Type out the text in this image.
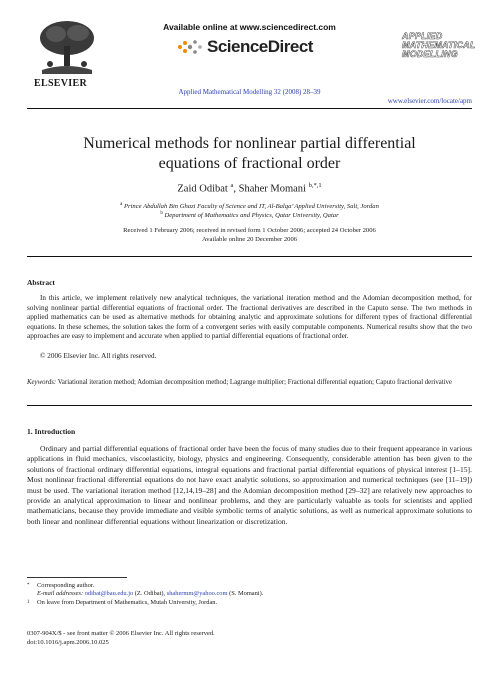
ELSEVIER
Available online at www.sciencedirect.com
ScienceDirect
Applied Mathematical Modelling 32 (2008) 28–39
APPLIED
MATHEMATICAL
MODELLING
www.elsevier.com/locate/apm
Numerical methods for nonlinear partial differential
equations of fractional order
Zaid Odibat $^a$, Shaher Momani $^{b,*,1}$
$^a$ Prince Abdullah Bin Ghazi Faculty of Science and IT, Al-Balqa’ Applied University, Salt, Jordan
$^b$ Department of Mathematics and Physics, Qatar University, Qatar
Received 1 February 2006; received in revised form 1 October 2006; accepted 24 October 2006
Available online 20 December 2006
Abstract
In this article, we implement relatively new analytical techniques, the variational iteration method and the Adomian decomposition method, for solving nonlinear partial differential equations of fractional order. The fractional derivatives are described in the Caputo sense. The two methods in applied mathematics can be used as alternative methods for obtaining analytic and approximate solutions for different types of fractional differential equations. In these schemes, the solution takes the form of a convergent series with easily computable components. Numerical results show that the two approaches are easy to implement and accurate when applied to partial differential equations of fractional order.
© 2006 Elsevier Inc. All rights reserved.
Keywords: Variational iteration method; Adomian decomposition method; Lagrange multiplier; Fractional differential equation; Caputo fractional derivative
1. Introduction
Ordinary and partial differential equations of fractional order have been the focus of many studies due to their frequent appearance in various applications in fluid mechanics, viscoelasticity, biology, physics and engineering. Consequently, considerable attention has been given to the solutions of fractional ordinary differential equations, integral equations and fractional partial differential equations of physical interest [1–15]. Most nonlinear fractional differential equations do not have exact analytic solutions, so approximation and numerical techniques (see [11–19]) must be used. The variational iteration method [12,14,19–28] and the Adomian decomposition method [29–32] are relatively new approaches to provide an analytical approximation to linear and nonlinear problems, and they are particularly valuable as tools for scientists and applied mathematicians, because they provide immediate and visible symbolic terms of analytic solutions, as well as numerical approximate solutions to both linear and nonlinear differential equations without linearization or discretization.
* Corresponding author.
E-mail addresses: odibat@bau.edu.jo (Z. Odibat), shahermm@yahoo.com (S. Momani).
1 On leave from Department of Mathematics, Mutah University, Jordan.
0307-904X/$ - see front matter © 2006 Elsevier Inc. All rights reserved.
doi:10.1016/j.apm.2006.10.025
